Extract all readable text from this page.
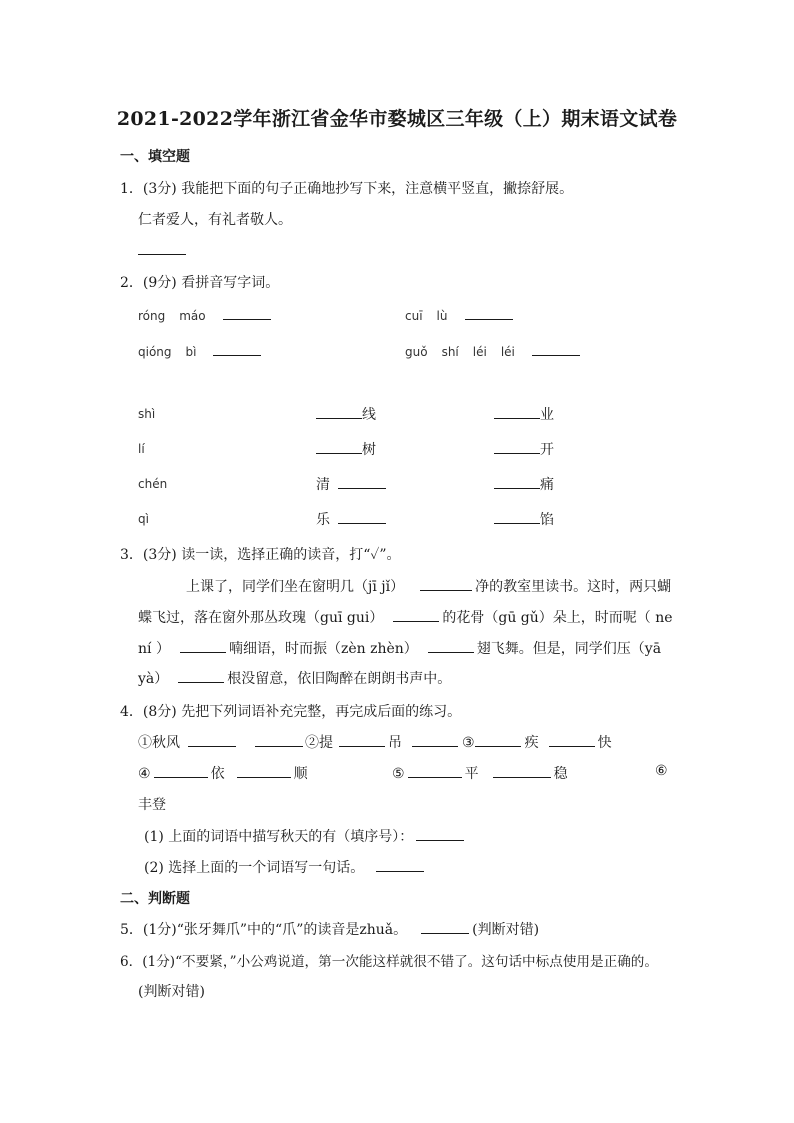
2021-2022学年浙江省金华市婺城区三年级（上）期末语文试卷
一、填空题
1．(3分) 我能把下面的句子正确地抄写下来，注意横平竖直，撇捺舒展。
仁者爱人，有礼者敬人。
2．(9分) 看拼音写字词。
róng máo	cuī lù
qióng bì	guǒ shí léi léi
shì	线	业
lí	树	开
chén	清	痛
qì	乐	馅
3．(3分) 读一读，选择正确的读音，打“✓”。
上课了，同学们坐在窗明几（jī jǐ）	净的教室里读书。这时，两只蝴
蝶飞过，落在窗外那丛玫瑰（guī gui）	的花骨（gū gǔ）朵上，时而呢（ ne
ní ）	喃细语，时而振（zèn zhèn）	翅飞舞。但是，同学们压（yā
yà）	根没留意，依旧陶醉在朗朗书声中。
4．(8分) 先把下列词语补充完整，再完成后面的练习。
①秋风	②提	吊	③	疾	快
④	依	顺	⑤	平	稳	⑥
丰登
(1) 上面的词语中描写秋天的有（填序号）：
(2) 选择上面的一个词语写一句话。
二、判断题
5．(1分)“张牙舞爪”中的“爪”的读音是zhuǎ。	(判断对错)
6．(1分)“不要紧，”小公鸡说道，第一次能这样就很不错了。这句话中标点使用是正确的。
(判断对错)
